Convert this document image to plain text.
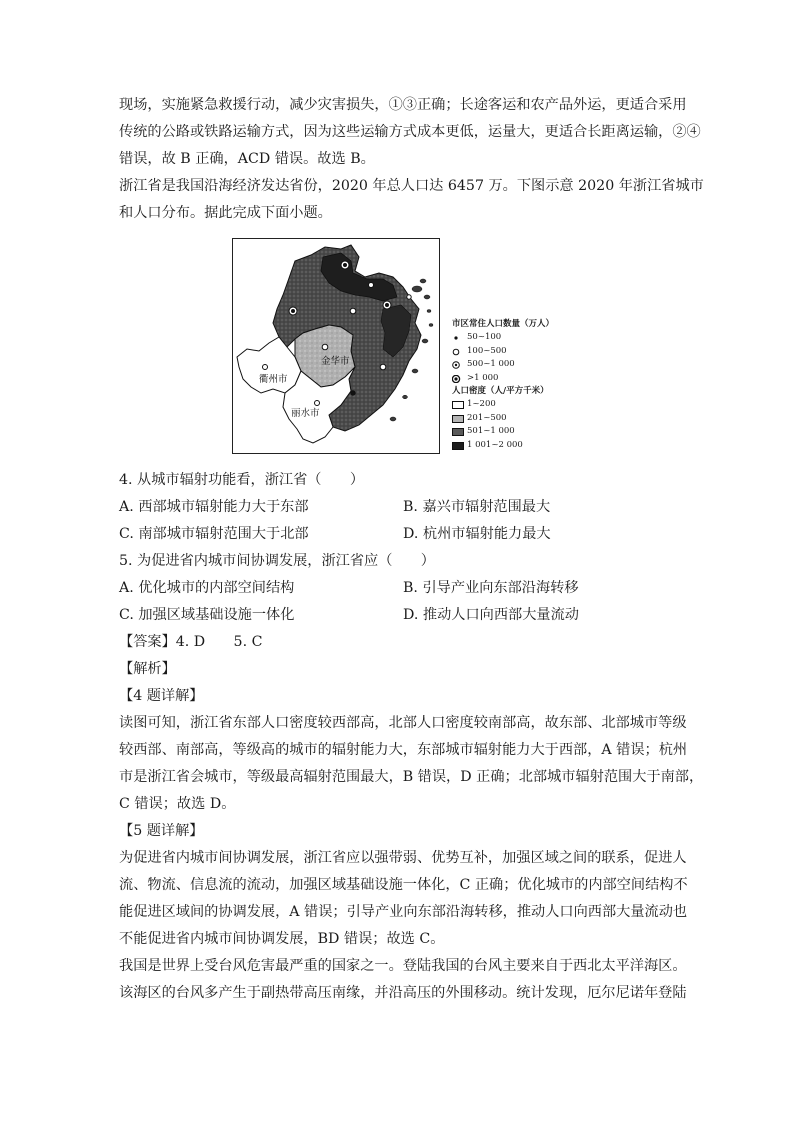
现场，实施紧急救援行动，减少灾害损失，①③正确；长途客运和农产品外运，更适合采用
传统的公路或铁路运输方式，因为这些运输方式成本更低，运量大，更适合长距离运输，②④
错误，故 B 正确，ACD 错误。故选 B。
浙江省是我国沿海经济发达省份，2020 年总人口达 6457 万。下图示意 2020 年浙江省城市
和人口分布。据此完成下面小题。
金华市
衢州市
丽水市
市区常住人口数量（万人）
50~100
100~500
500~1 000
>1 000
人口密度（人/平方千米）
1~200
201~500
501~1 000
1 001~2 000
4. 从城市辐射功能看，浙江省（　　）
A. 西部城市辐射能力大于东部	B. 嘉兴市辐射范围最大
C. 南部城市辐射范围大于北部	D. 杭州市辐射能力最大
5. 为促进省内城市间协调发展，浙江省应（　　）
A. 优化城市的内部空间结构	B. 引导产业向东部沿海转移
C. 加强区域基础设施一体化	D. 推动人口向西部大量流动
【答案】4. D　　5. C
【解析】
【4 题详解】
读图可知，浙江省东部人口密度较西部高，北部人口密度较南部高，故东部、北部城市等级
较西部、南部高，等级高的城市的辐射能力大，东部城市辐射能力大于西部，A 错误；杭州
市是浙江省会城市，等级最高辐射范围最大，B 错误，D 正确；北部城市辐射范围大于南部，
C 错误；故选 D。
【5 题详解】
为促进省内城市间协调发展，浙江省应以强带弱、优势互补，加强区域之间的联系，促进人
流、物流、信息流的流动，加强区域基础设施一体化，C 正确；优化城市的内部空间结构不
能促进区域间的协调发展，A 错误；引导产业向东部沿海转移，推动人口向西部大量流动也
不能促进省内城市间协调发展，BD 错误；故选 C。
我国是世界上受台风危害最严重的国家之一。登陆我国的台风主要来自于西北太平洋海区。
该海区的台风多产生于副热带高压南缘，并沿高压的外围移动。统计发现，厄尔尼诺年登陆
